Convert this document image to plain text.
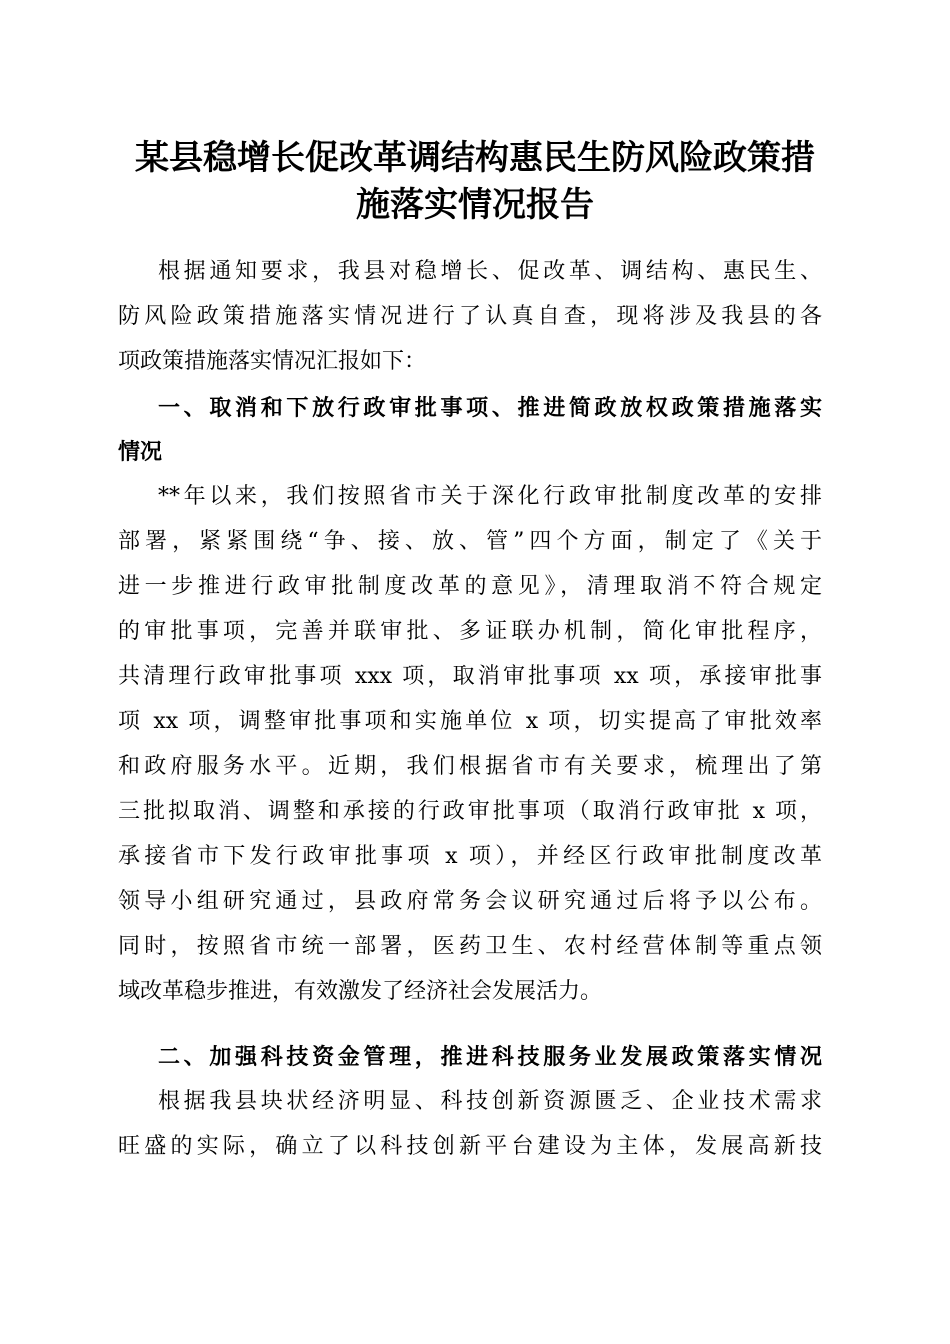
某县稳增长促改革调结构惠民生防风险政策措
施落实情况报告
根据通知要求，我县对稳增长、促改革、调结构、惠民生、
防风险政策措施落实情况进行了认真自查，现将涉及我县的各
项政策措施落实情况汇报如下：
一、取消和下放行政审批事项、推进简政放权政策措施落实
情况
**年以来，我们按照省市关于深化行政审批制度改革的安排
部署，紧紧围绕“争、接、放、管”四个方面，制定了《关于
进一步推进行政审批制度改革的意见》，清理取消不符合规定
的审批事项，完善并联审批、多证联办机制，简化审批程序，
共清理行政审批事项 xxx 项，取消审批事项 xx 项，承接审批事
项 xx 项，调整审批事项和实施单位 x 项，切实提高了审批效率
和政府服务水平。近期，我们根据省市有关要求，梳理出了第
三批拟取消、调整和承接的行政审批事项（取消行政审批 x 项，
承接省市下发行政审批事项 x 项），并经区行政审批制度改革
领导小组研究通过，县政府常务会议研究通过后将予以公布。
同时，按照省市统一部署，医药卫生、农村经营体制等重点领
域改革稳步推进，有效激发了经济社会发展活力。
二、加强科技资金管理，推进科技服务业发展政策落实情况
根据我县块状经济明显、科技创新资源匮乏、企业技术需求
旺盛的实际，确立了以科技创新平台建设为主体，发展高新技
